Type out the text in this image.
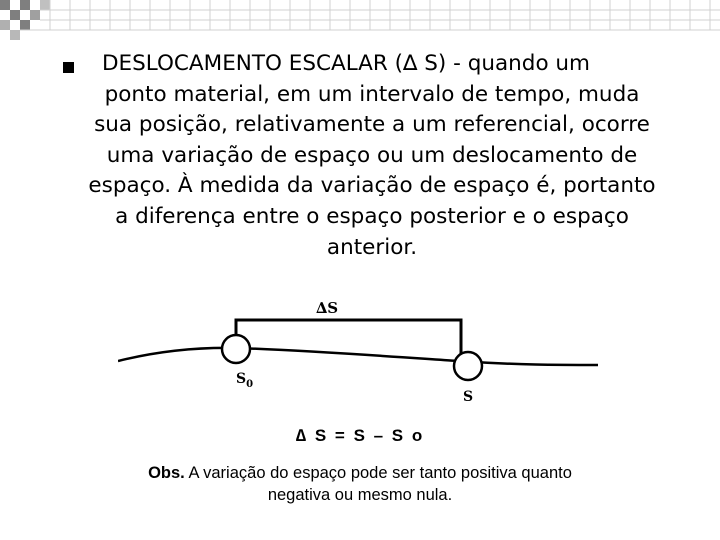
DESLOCAMENTO ESCALAR (∆ S) - quando um
ponto material, em um intervalo de tempo, muda
sua posição, relativamente a um referencial, ocorre
uma variação de espaço ou um deslocamento de
espaço. À medida da variação de espaço é, portanto
a diferença entre o espaço posterior e o espaço
anterior.
∆S
$S_0$
S
∆ S = S – S o
Obs. A variação do espaço pode ser tanto positiva quanto
negativa ou mesmo nula.
